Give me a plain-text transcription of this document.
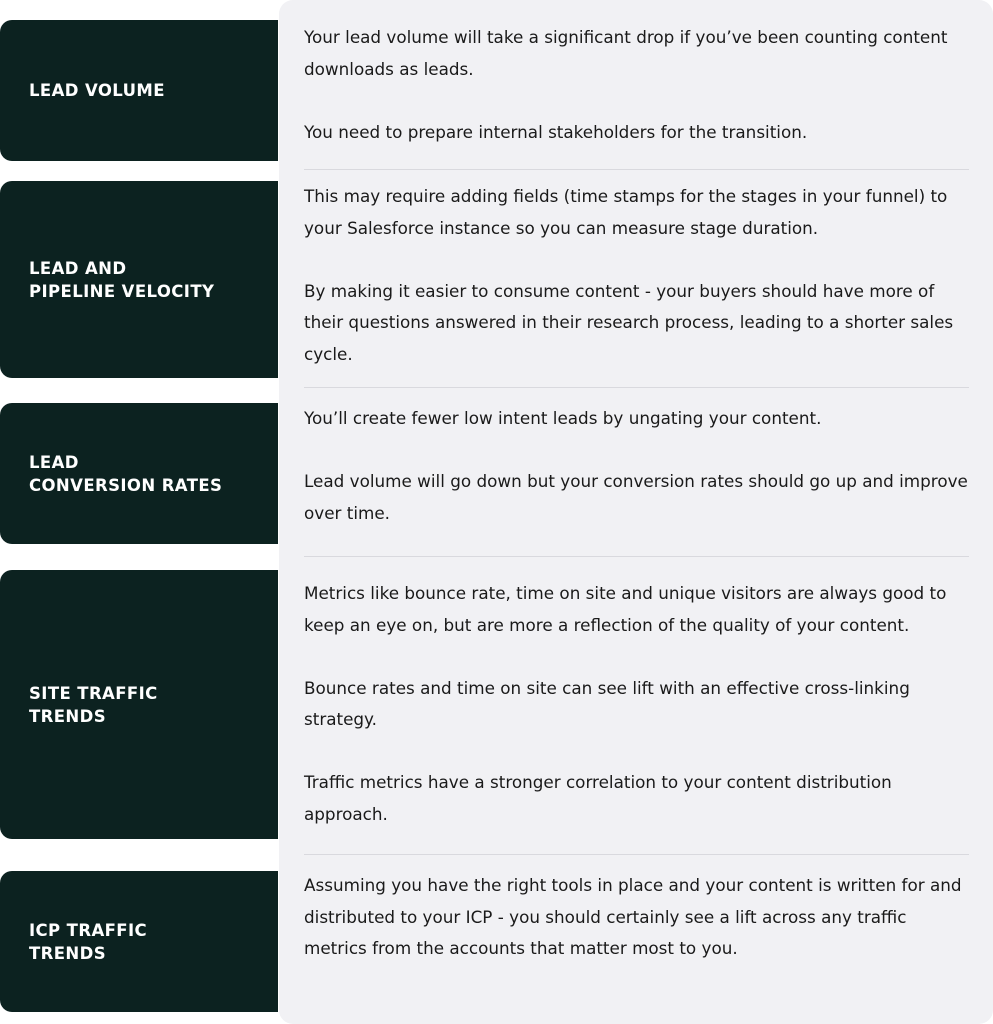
LEAD VOLUME

Your lead volume will take a significant drop if you’ve been counting content downloads as leads.

You need to prepare internal stakeholders for the transition.

LEAD AND
PIPELINE VELOCITY

This may require adding fields (time stamps for the stages in your funnel) to your Salesforce instance so you can measure stage duration.

By making it easier to consume content - your buyers should have more of their questions answered in their research process, leading to a shorter sales cycle.

LEAD
CONVERSION RATES

You’ll create fewer low intent leads by ungating your content.

Lead volume will go down but your conversion rates should go up and improve over time.

SITE TRAFFIC
TRENDS

Metrics like bounce rate, time on site and unique visitors are always good to keep an eye on, but are more a reflection of the quality of your content.

Bounce rates and time on site can see lift with an effective cross-linking strategy.

Traffic metrics have a stronger correlation to your content distribution approach.

ICP TRAFFIC
TRENDS

Assuming you have the right tools in place and your content is written for and distributed to your ICP - you should certainly see a lift across any traffic metrics from the accounts that matter most to you.
